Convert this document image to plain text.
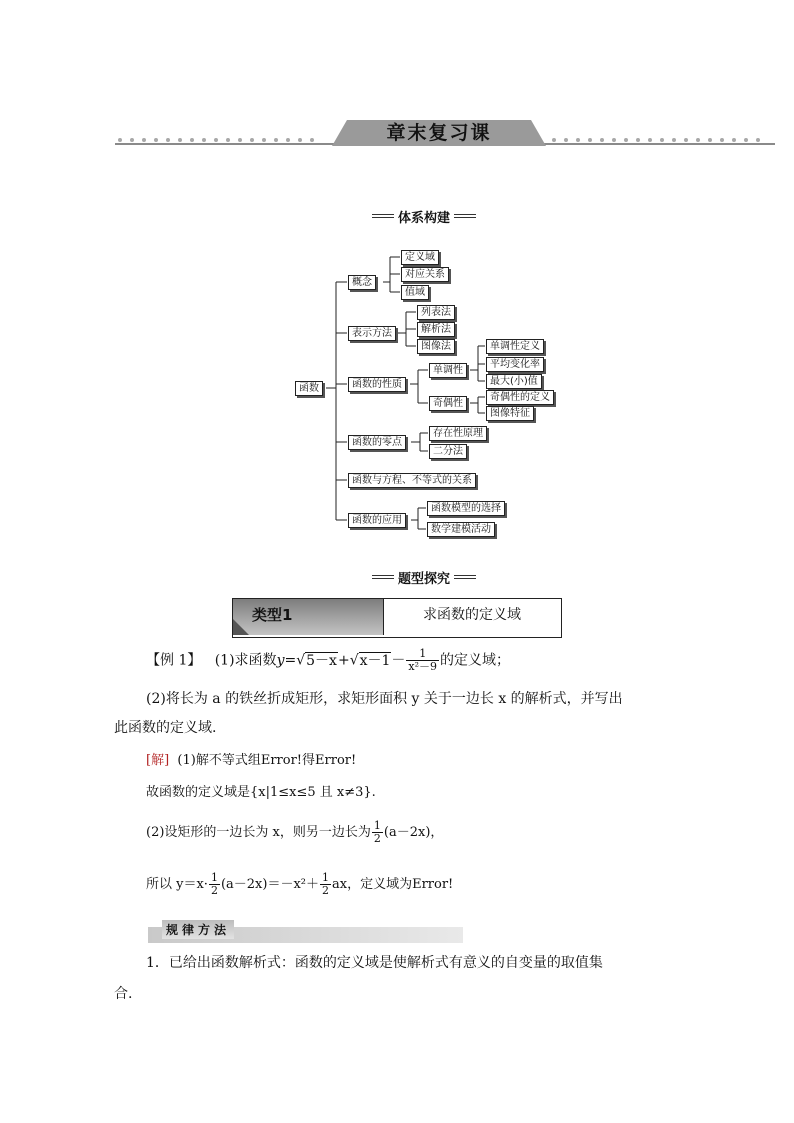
章末复习课
体系构建
函数
概念
定义域
对应关系
值域
表示方法
列表法
解析法
图像法
函数的性质
单调性
单调性定义
平均变化率
最大(小)值
奇偶性
奇偶性的定义
图像特征
函数的零点
存在性原理
二分法
函数与方程、不等式的关系
函数的应用
函数模型的选择
数学建模活动
题型探究
类型1	求函数的定义域
【例 1】 (1)求函数$y=√5-x+√x-1- \frac{1}{\text{x²－9}}$ 的定义域；
(2)将长为 a 的铁丝折成矩形，求矩形面积 y 关于一边长 x 的解析式，并写出
此函数的定义域.
[解] (1)解不等式组Error!得Error!
故函数的定义域是{x|1≤x≤5 且 x≠3}.
(2)设矩形的一边长为 x，则另一边长为 $\frac{1}{2} (a-2x)$，
所以 $y=x\cdot \frac{1}{2} (a-2x)=-x^2+ \frac{1}{2}$ ax，定义域为Error!
规律方法
1．已给出函数解析式：函数的定义域是使解析式有意义的自变量的取值集
合.
